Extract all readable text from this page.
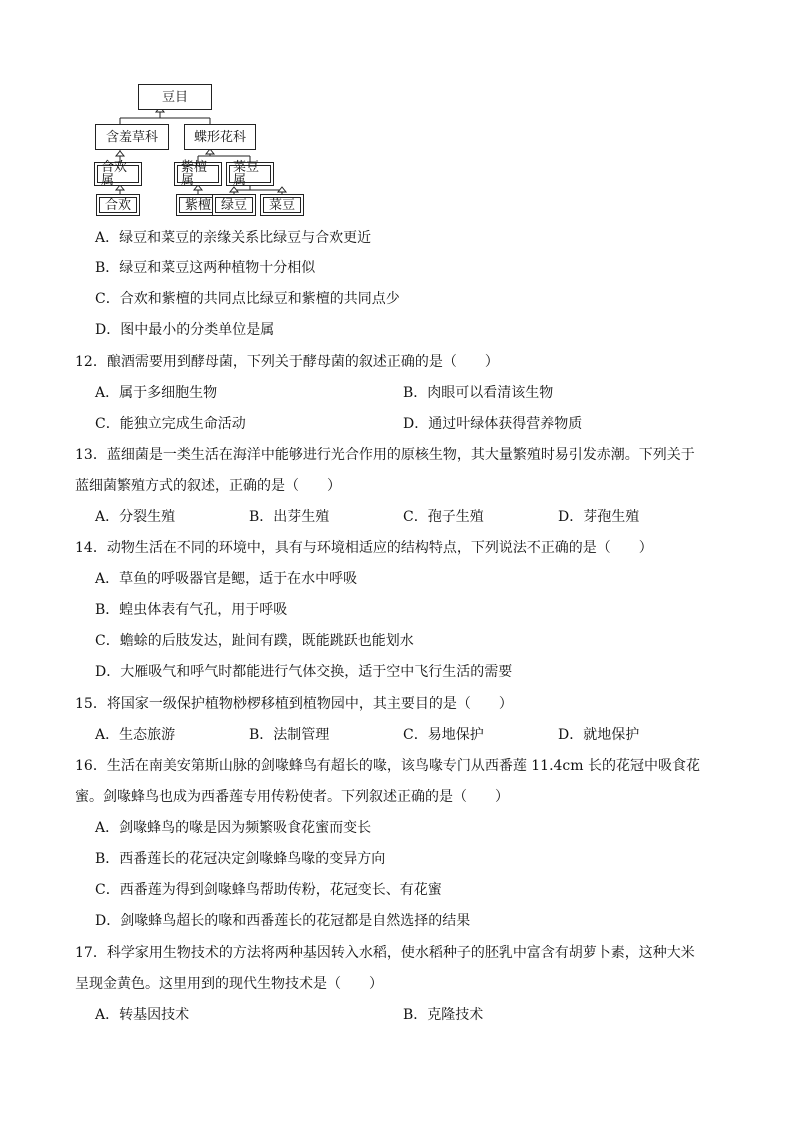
豆目
含羞草科	蝶形花科
合欢属
紫檀属
菜豆属
合欢	紫檀 绿豆 菜豆
A．绿豆和菜豆的亲缘关系比绿豆与合欢更近
B．绿豆和菜豆这两种植物十分相似
C．合欢和紫檀的共同点比绿豆和紫檀的共同点少
D．图中最小的分类单位是属
12．酿酒需要用到酵母菌，下列关于酵母菌的叙述正确的是（　　）
A．属于多细胞生物	B．肉眼可以看清该生物
C．能独立完成生命活动	D．通过叶绿体获得营养物质
13．蓝细菌是一类生活在海洋中能够进行光合作用的原核生物，其大量繁殖时易引发赤潮。下列关于
蓝细菌繁殖方式的叙述，正确的是（　　）
A．分裂生殖	B．出芽生殖	C．孢子生殖	D．芽孢生殖
14．动物生活在不同的环境中，具有与环境相适应的结构特点，下列说法不正确的是（　　）
A．草鱼的呼吸器官是鳃，适于在水中呼吸
B．蝗虫体表有气孔，用于呼吸
C．蟾蜍的后肢发达，趾间有蹼，既能跳跃也能划水
D．大雁吸气和呼气时都能进行气体交换，适于空中飞行生活的需要
15．将国家一级保护植物桫椤移植到植物园中，其主要目的是（　　）
A．生态旅游	B．法制管理	C．易地保护	D．就地保护
16．生活在南美安第斯山脉的剑喙蜂鸟有超长的喙，该鸟喙专门从西番莲 11.4cm 长的花冠中吸食花
蜜。剑喙蜂鸟也成为西番莲专用传粉使者。下列叙述正确的是（　　）
A．剑喙蜂鸟的喙是因为频繁吸食花蜜而变长
B．西番莲长的花冠决定剑喙蜂鸟喙的变异方向
C．西番莲为得到剑喙蜂鸟帮助传粉，花冠变长、有花蜜
D．剑喙蜂鸟超长的喙和西番莲长的花冠都是自然选择的结果
17．科学家用生物技术的方法将两种基因转入水稻，使水稻种子的胚乳中富含有胡萝卜素，这种大米
呈现金黄色。这里用到的现代生物技术是（　　）
A．转基因技术	B．克隆技术
